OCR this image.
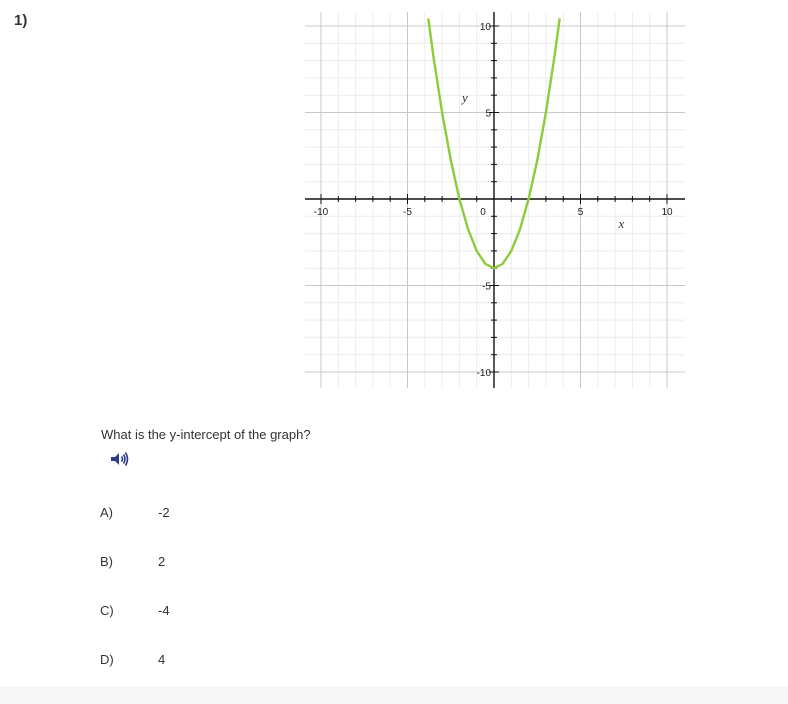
1)
-10	-5	0	5	10
10
5
-5
-10
x
y
What is the y-intercept of the graph?
A)	-2
B)	2
C)	-4
D)	4
